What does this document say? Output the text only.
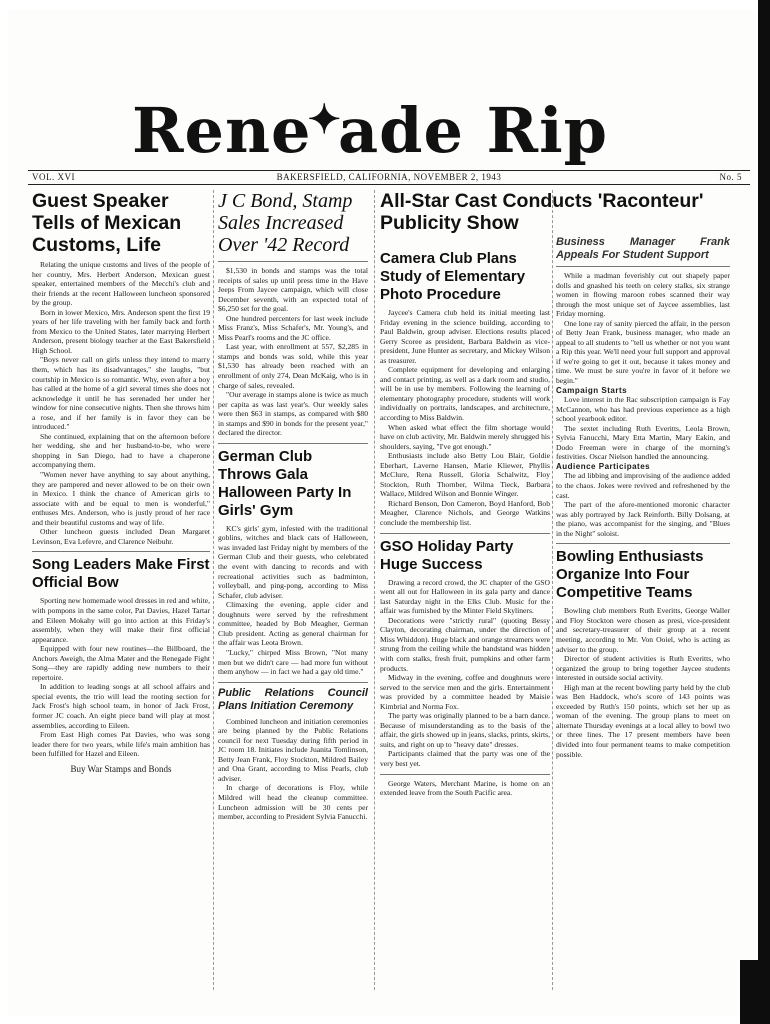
Rene✦ade Rip
VOL. XVI	BAKERSFIELD, CALIFORNIA, NOVEMBER 2, 1943	No. 5
Guest Speaker Tells of Mexican Customs, Life

Relating the unique customs and lives of the people of her country, Mrs. Herbert Anderson, Mexican guest speaker, entertained members of the Mecchi's club and their friends at the recent Halloween luncheon sponsored by the group.

Born in lower Mexico, Mrs. Anderson spent the first 19 years of her life traveling with her family back and forth from Mexico to the United States, later marrying Herbert Anderson, present biology teacher at the East Bakersfield High School.

"Boys never call on girls unless they intend to marry them, which has its disadvantages," she laughs, "but courtship in Mexico is so romantic. Why, even after a boy has called at the home of a girl several times she does not acknowledge it until he has serenaded her under her window for nine consecutive nights. Then she throws him a rose, and if her family is in favor they can be introduced."

She continued, explaining that on the afternoon before her wedding, she and her husband-to-be, who were shopping in San Diego, had to have a chaperone accompanying them.

"Women never have anything to say about anything, they are pampered and never allowed to be on their own in Mexico. I think the chance of American girls to associate with and be equal to men is wonderful," enthuses Mrs. Anderson, who is justly proud of her race and their beautiful customs and way of life.

Other luncheon guests included Dean Margaret Levinson, Eva Lefevre, and Clarence Neibuhr.

Song Leaders Make First Official Bow

Sporting new homemade wool dresses in red and white, with pompons in the same color, Pat Davies, Hazel Tartar and Eileen Mokahy will go into action at this Friday's assembly, when they will make their first official appearance.

Equipped with four new routines—the Billboard, the Anchors Aweigh, the Alma Mater and the Renegade Fight Song—they are rapidly adding new numbers to their repertoire.

In addition to leading songs at all school affairs and special events, the trio will lead the rooting section for Jack Frost's high school team, in honor of Jack Frost, former JC coach. An eight piece band will play at most assemblies, according to Eileen.

From East High comes Pat Davies, who was song leader there for two years, while life's main ambition has been fulfilled for Hazel and Eileen.

Buy War Stamps and Bonds
J C Bond, Stamp Sales Increased Over '42 Record

$1,530 in bonds and stamps was the total receipts of sales up until press time in the Have Jeeps From Jaycee campaign, which will close December seventh, with an expected total of $6,250 set for the goal.

One hundred percenters for last week include Miss Franz's, Miss Schafer's, Mr. Young's, and Miss Pearl's rooms and the JC office.

Last year, with enrollment at 557, $2,285 in stamps and bonds was sold, while this year $1,530 has already been reached with an enrollment of only 274, Dean McKaig, who is in charge of sales, revealed.

"Our average in stamps alone is twice as much per capita as was last year's. Our weekly sales were then $63 in stamps, as compared with $80 in stamps and $90 in bonds for the present year," declared the director.

German Club Throws Gala Halloween Party In Girls' Gym

KC's girls' gym, infested with the traditional goblins, witches and black cats of Halloween, was invaded last Friday night by members of the German Club and their guests, who celebrated the event with dancing to records and with recreational activities such as badminton, volleyball, and ping-pong, according to Miss Schafer, club adviser.

Climaxing the evening, apple cider and doughnuts were served by the refreshment committee, headed by Bob Meagher, German Club president. Acting as general chairman for the affair was Leota Brown.

"Lucky," chirped Miss Brown, "Not many men but we didn't care — had more fun without them anyhow — in fact we had a gay old time."

Public Relations Council Plans Initiation Ceremony

Combined luncheon and initiation ceremonies are being planned by the Public Relations council for next Tuesday during fifth period in JC room 18. Initiates include Juanita Tomlinson, Betty Jean Frank, Floy Stockton, Mildred Bailey and Ona Grant, according to Miss Pearls, club adviser.

In charge of decorations is Floy, while Mildred will head the cleanup committee. Luncheon admission will be 30 cents per member, according to President Sylvia Fanucchi.

All-Star Cast Conducts 'Raconteur' Publicity Show
Camera Club Plans Study of Elementary Photo Procedure

Jaycee's Camera club held its initial meeting last Friday evening in the science building, according to Paul Baldwin, group adviser. Elections results placed Gerry Scoree as president, Barbara Baldwin as vice-president, June Hunter as secretary, and Mickey Wilson as treasurer.

Complete equipment for developing and enlarging and contact printing, as well as a dark room and studio, will be in use by members. Following the learning of elementary photography procedure, students will work individually on portraits, landscapes, and architecture, according to Miss Baldwin.

When asked what effect the film shortage would have on club activity, Mr. Baldwin merely shrugged his shoulders, saying, "I've got enough."

Enthusiasts include also Betty Lou Blair, Goldie Eberhart, Laverne Hansen, Marie Kliewer, Phyllis McClure, Rena Russell, Gloria Schalwitz, Floy Stockton, Ruth Thornber, Wilma Tieck, Barbara Wallace, Mildred Wilson and Bonnie Winger.

Richard Benson, Don Cameron, Boyd Hanford, Bob Meagher, Clarence Nichols, and George Watkins conclude the membership list.

GSO Holiday Party Huge Success

Drawing a record crowd, the JC chapter of the GSO went all out for Halloween in its gala party and dance last Saturday night in the Elks Club. Music for the affair was furnished by the Minter Field Skyliners.

Decorations were "strictly rural" (quoting Bessy Clayton, decorating chairman, under the direction of Miss Whiddon). Huge black and orange streamers were strung from the ceiling while the bandstand was hidden with corn stalks, fresh fruit, pumpkins and other farm products.

Midway in the evening, coffee and doughnuts were served to the service men and the girls. Entertainment was provided by a committee headed by Maisie Kimbrial and Norma Fox.

The party was originally planned to be a barn dance. Because of misunderstanding as to the basis of the affair, the girls showed up in jeans, slacks, prints, skirts, suits, and right on up to "heavy date" dresses.

Participants claimed that the party was one of the very best yet.

George Waters, Merchant Marine, is home on an extended leave from the South Pacific area.

Business Manager Frank Appeals For Student Support

While a madman feverishly cut out shapely paper dolls and gnashed his teeth on celery stalks, six strange women in flowing maroon robes scanned their way through the most unique set of Jaycee assemblies, last Friday morning.

One lone ray of sanity pierced the affair, in the person of Betty Jean Frank, business manager, who made an appeal to all students to "tell us whether or not you want a Rip this year. We'll need your full support and approval if we're going to get it out, because it takes money and time. We must be sure you're in favor of it before we begin."

Campaign Starts

Love interest in the Rac subscription campaign is Fay McCannon, who has had previous experience as a high school yearbook editor.

The sextet including Ruth Everitts, Leola Brown, Sylvia Fanucchi, Mary Etta Martin, Mary Eakin, and Dodo Freeman were in charge of the morning's festivities. Oscar Nielson handled the announcing.

Audience Participates

The ad libbing and improvising of the audience added to the chaos. Jokes were revived and refreshened by the cast.

The part of the afore-mentioned moronic character was ably portrayed by Jack Reinforth. Billy Dolsang, at the piano, was accompanist for the singing, and "Blues in the Night" soloist.

Bowling Enthusiasts Organize Into Four Competitive Teams

Bowling club members Ruth Everitts, George Waller and Floy Stockton were chosen as presi, vice-president and secretary-treasurer of their group at a recent meeting, according to Mr. Von Ooiel, who is acting as adviser to the group.

Director of student activities is Ruth Everitts, who organized the group to bring together Jaycee students interested in outside social activity.

High man at the recent bowling party held by the club was Ben Haddock, who's score of 143 points was exceeded by Ruth's 150 points, which set her up as woman of the evening. The group plans to meet on alternate Thursday evenings at a local alley to bowl two or three lines. The 17 present members have been divided into four permanent teams to make competition possible.
